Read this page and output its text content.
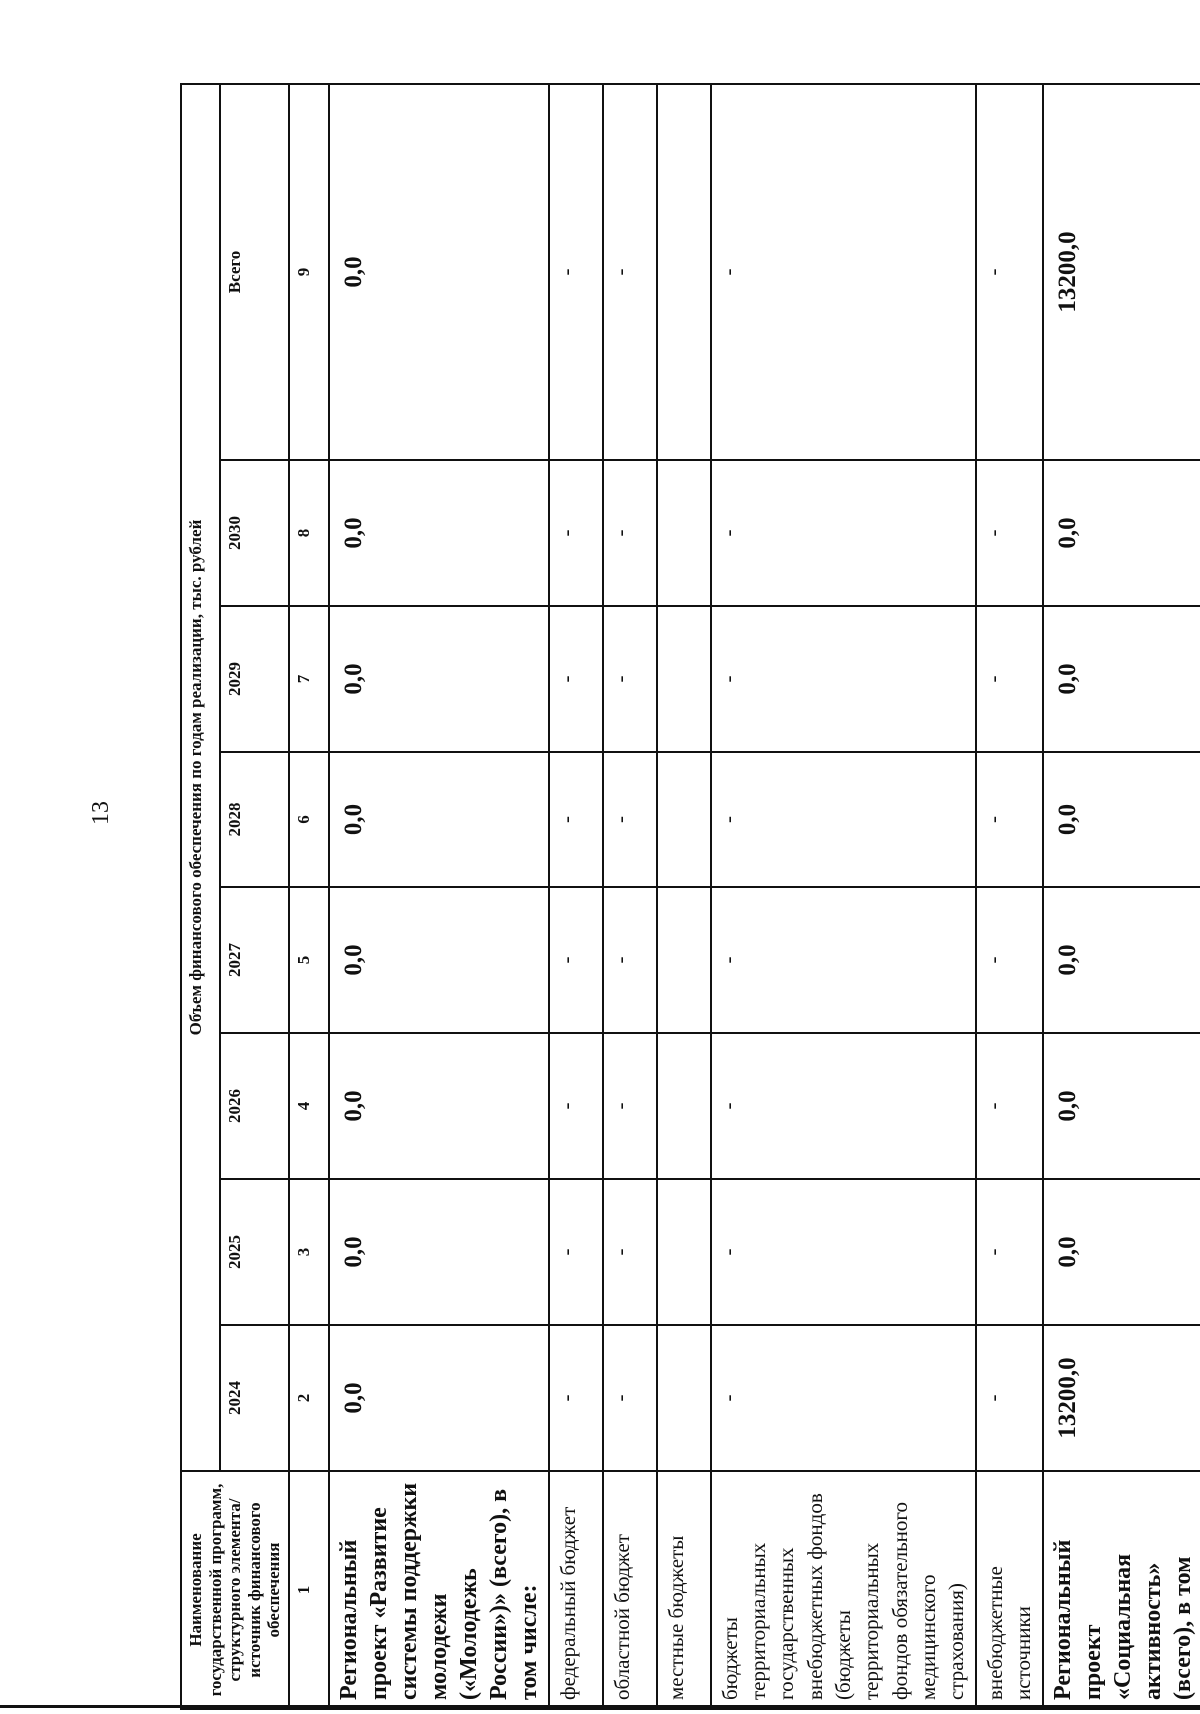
13
Наименование государственной программ, структурного элемента/источник финансового обеспечения	Объем финансового обеспечения по годам реализации, тыс. рублей							
	2024	2025	2026	2027	2028	2029	2030	Всего
1	2	3	4	5	6	7	8	9
Региональный проект «Развитие системы поддержки молодежи («Молодежь России»)» (всего), в том числе:	0,0	0,0	0,0	0,0	0,0	0,0	0,0	0,0
федеральный бюджет	-	-	-	-	-	-	-	-
областной бюджет	-	-	-	-	-	-	-	-
местные бюджеты								
бюджеты территориальных государственных внебюджетных фондов (бюджеты территориальных фондов обязательного медицинского страхования)	-	-	-	-	-	-	-	-
внебюджетные источники	-	-	-	-	-	-	-	-
Региональный проект «Социальная активность» (всего), в том	13200,0	0,0	0,0	0,0	0,0	0,0	0,0	13200,0
